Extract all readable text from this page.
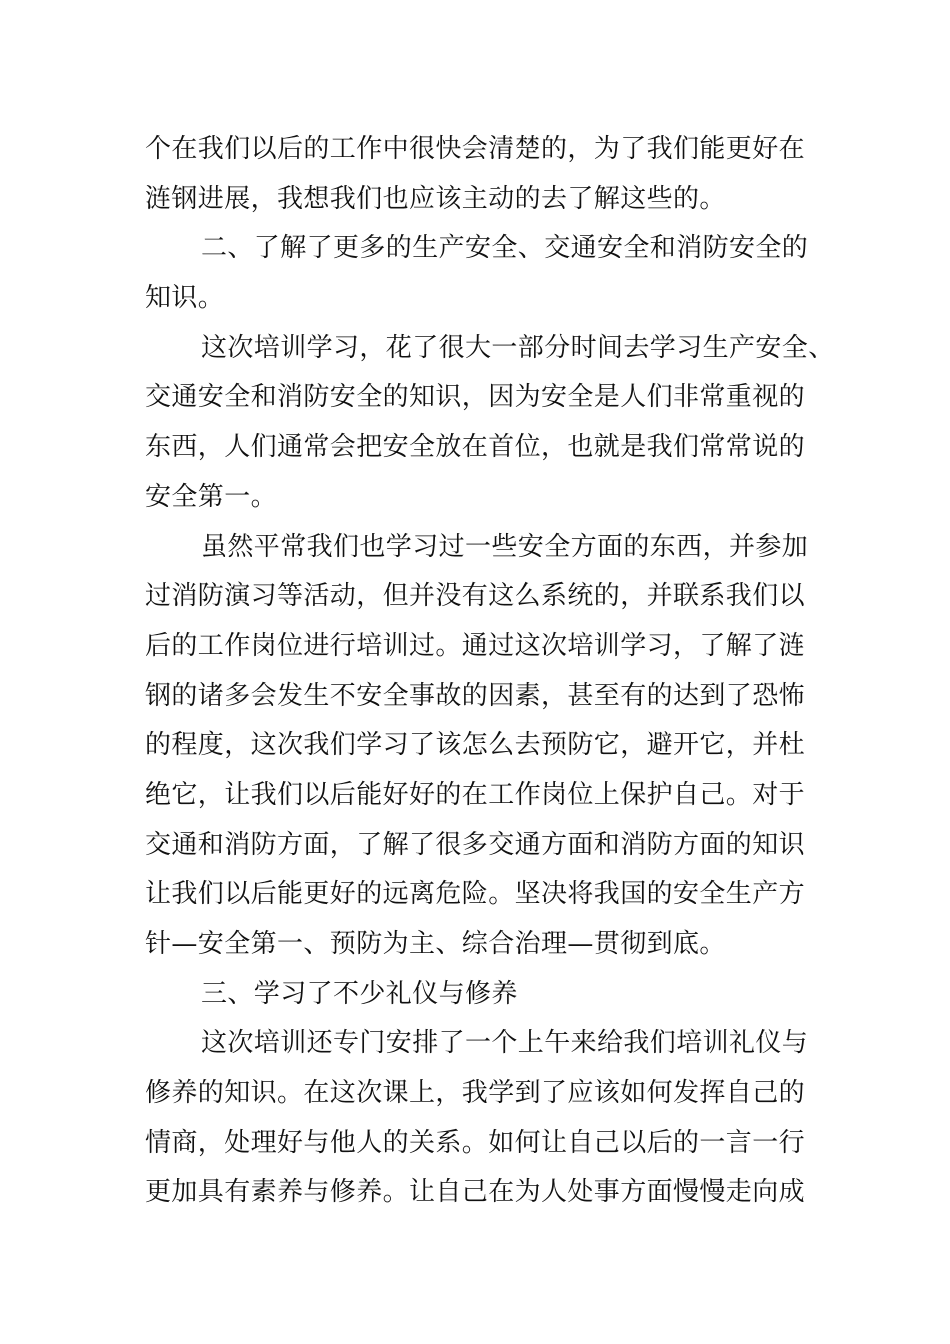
个在我们以后的工作中很快会清楚的，为了我们能更好在
涟钢进展，我想我们也应该主动的去了解这些的。
二、了解了更多的生产安全、交通安全和消防安全的
知识。
这次培训学习，花了很大一部分时间去学习生产安全、
交通安全和消防安全的知识，因为安全是人们非常重视的
东西，人们通常会把安全放在首位，也就是我们常常说的
安全第一。
虽然平常我们也学习过一些安全方面的东西，并参加
过消防演习等活动，但并没有这么系统的，并联系我们以
后的工作岗位进行培训过。通过这次培训学习，了解了涟
钢的诸多会发生不安全事故的因素，甚至有的达到了恐怖
的程度，这次我们学习了该怎么去预防它，避开它，并杜
绝它，让我们以后能好好的在工作岗位上保护自己。对于
交通和消防方面，了解了很多交通方面和消防方面的知识
让我们以后能更好的远离危险。坚决将我国的安全生产方
针—安全第一、预防为主、综合治理—贯彻到底。
三、学习了不少礼仪与修养
这次培训还专门安排了一个上午来给我们培训礼仪与
修养的知识。在这次课上，我学到了应该如何发挥自己的
情商，处理好与他人的关系。如何让自己以后的一言一行
更加具有素养与修养。让自己在为人处事方面慢慢走向成
